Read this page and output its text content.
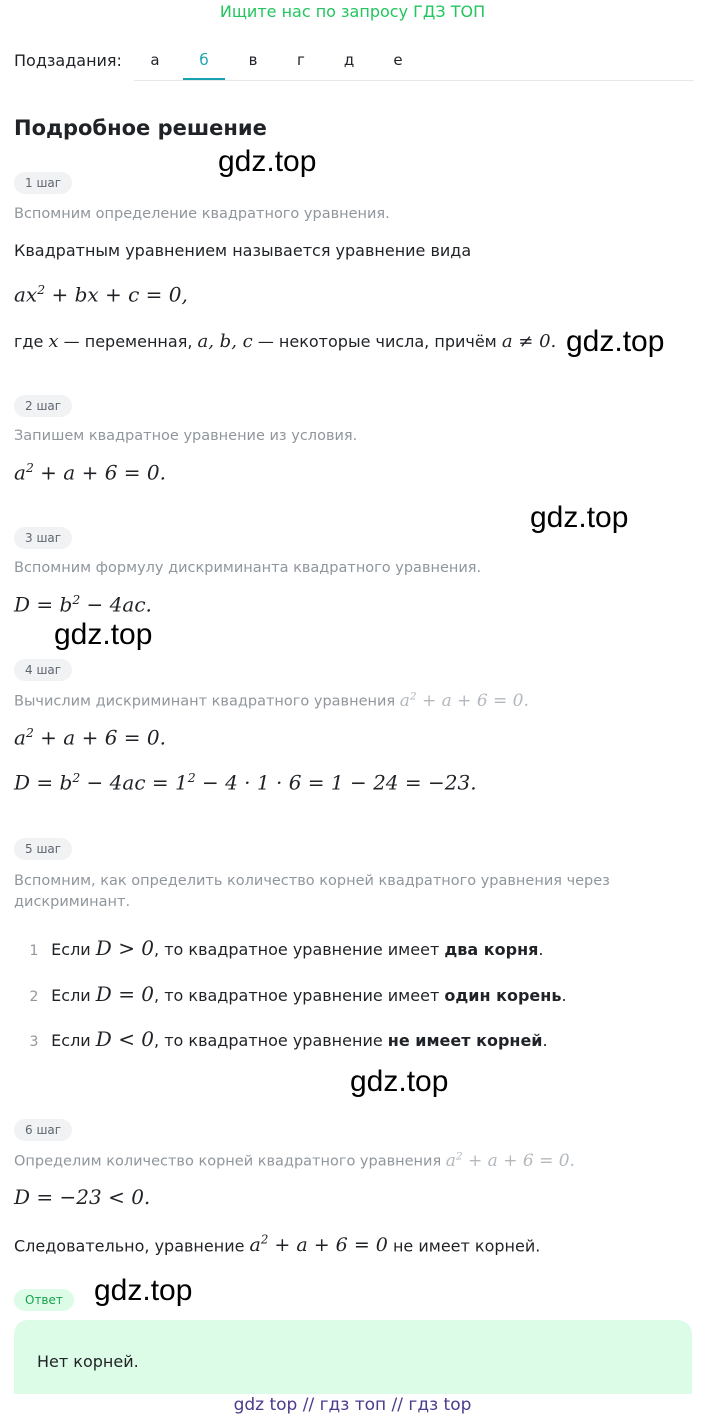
Ищите нас по запросу ГДЗ ТОП
Подзадания:	а	б	в	г	д	е
Подробное решение
gdz.top
gdz.top
gdz.top
gdz.top
gdz.top
gdz.top
1 шаг
Вспомним определение квадратного уравнения.
Квадратным уравнением называется уравнение вида
$ax^2$ + bx + c = 0,
где x — переменная, a, b, c — некоторые числа, причём a ≠ 0.
2 шаг
Запишем квадратное уравнение из условия.
$a^2 + a + 6 = 0$.
3 шаг
Вспомним формулу дискриминанта квадратного уравнения.
$D = b^2 - 4ac$.
4 шаг
Вычислим дискриминант квадратного уравнения $a^2 + a + 6 = 0$.
$a^2 + a + 6 = 0$.
$D = b^2 - 4ac = 1^2 - 4 \cdot 1 \cdot 6 = 1 - 24 = -23$.
5 шаг
Вспомним, как определить количество корней квадратного уравнения через дискриминант.
1 Если D > 0, то квадратное уравнение имеет два корня.
2 Если D = 0, то квадратное уравнение имеет один корень.
3 Если D < 0, то квадратное уравнение не имеет корней.
6 шаг
Определим количество корней квадратного уравнения $a^2 + a + 6 = 0$.
D = −23 < 0.
Следовательно, уравнение $a^2 + a + 6 = 0$ не имеет корней.
Ответ
Нет корней.
gdz top // гдз топ // гдз top
